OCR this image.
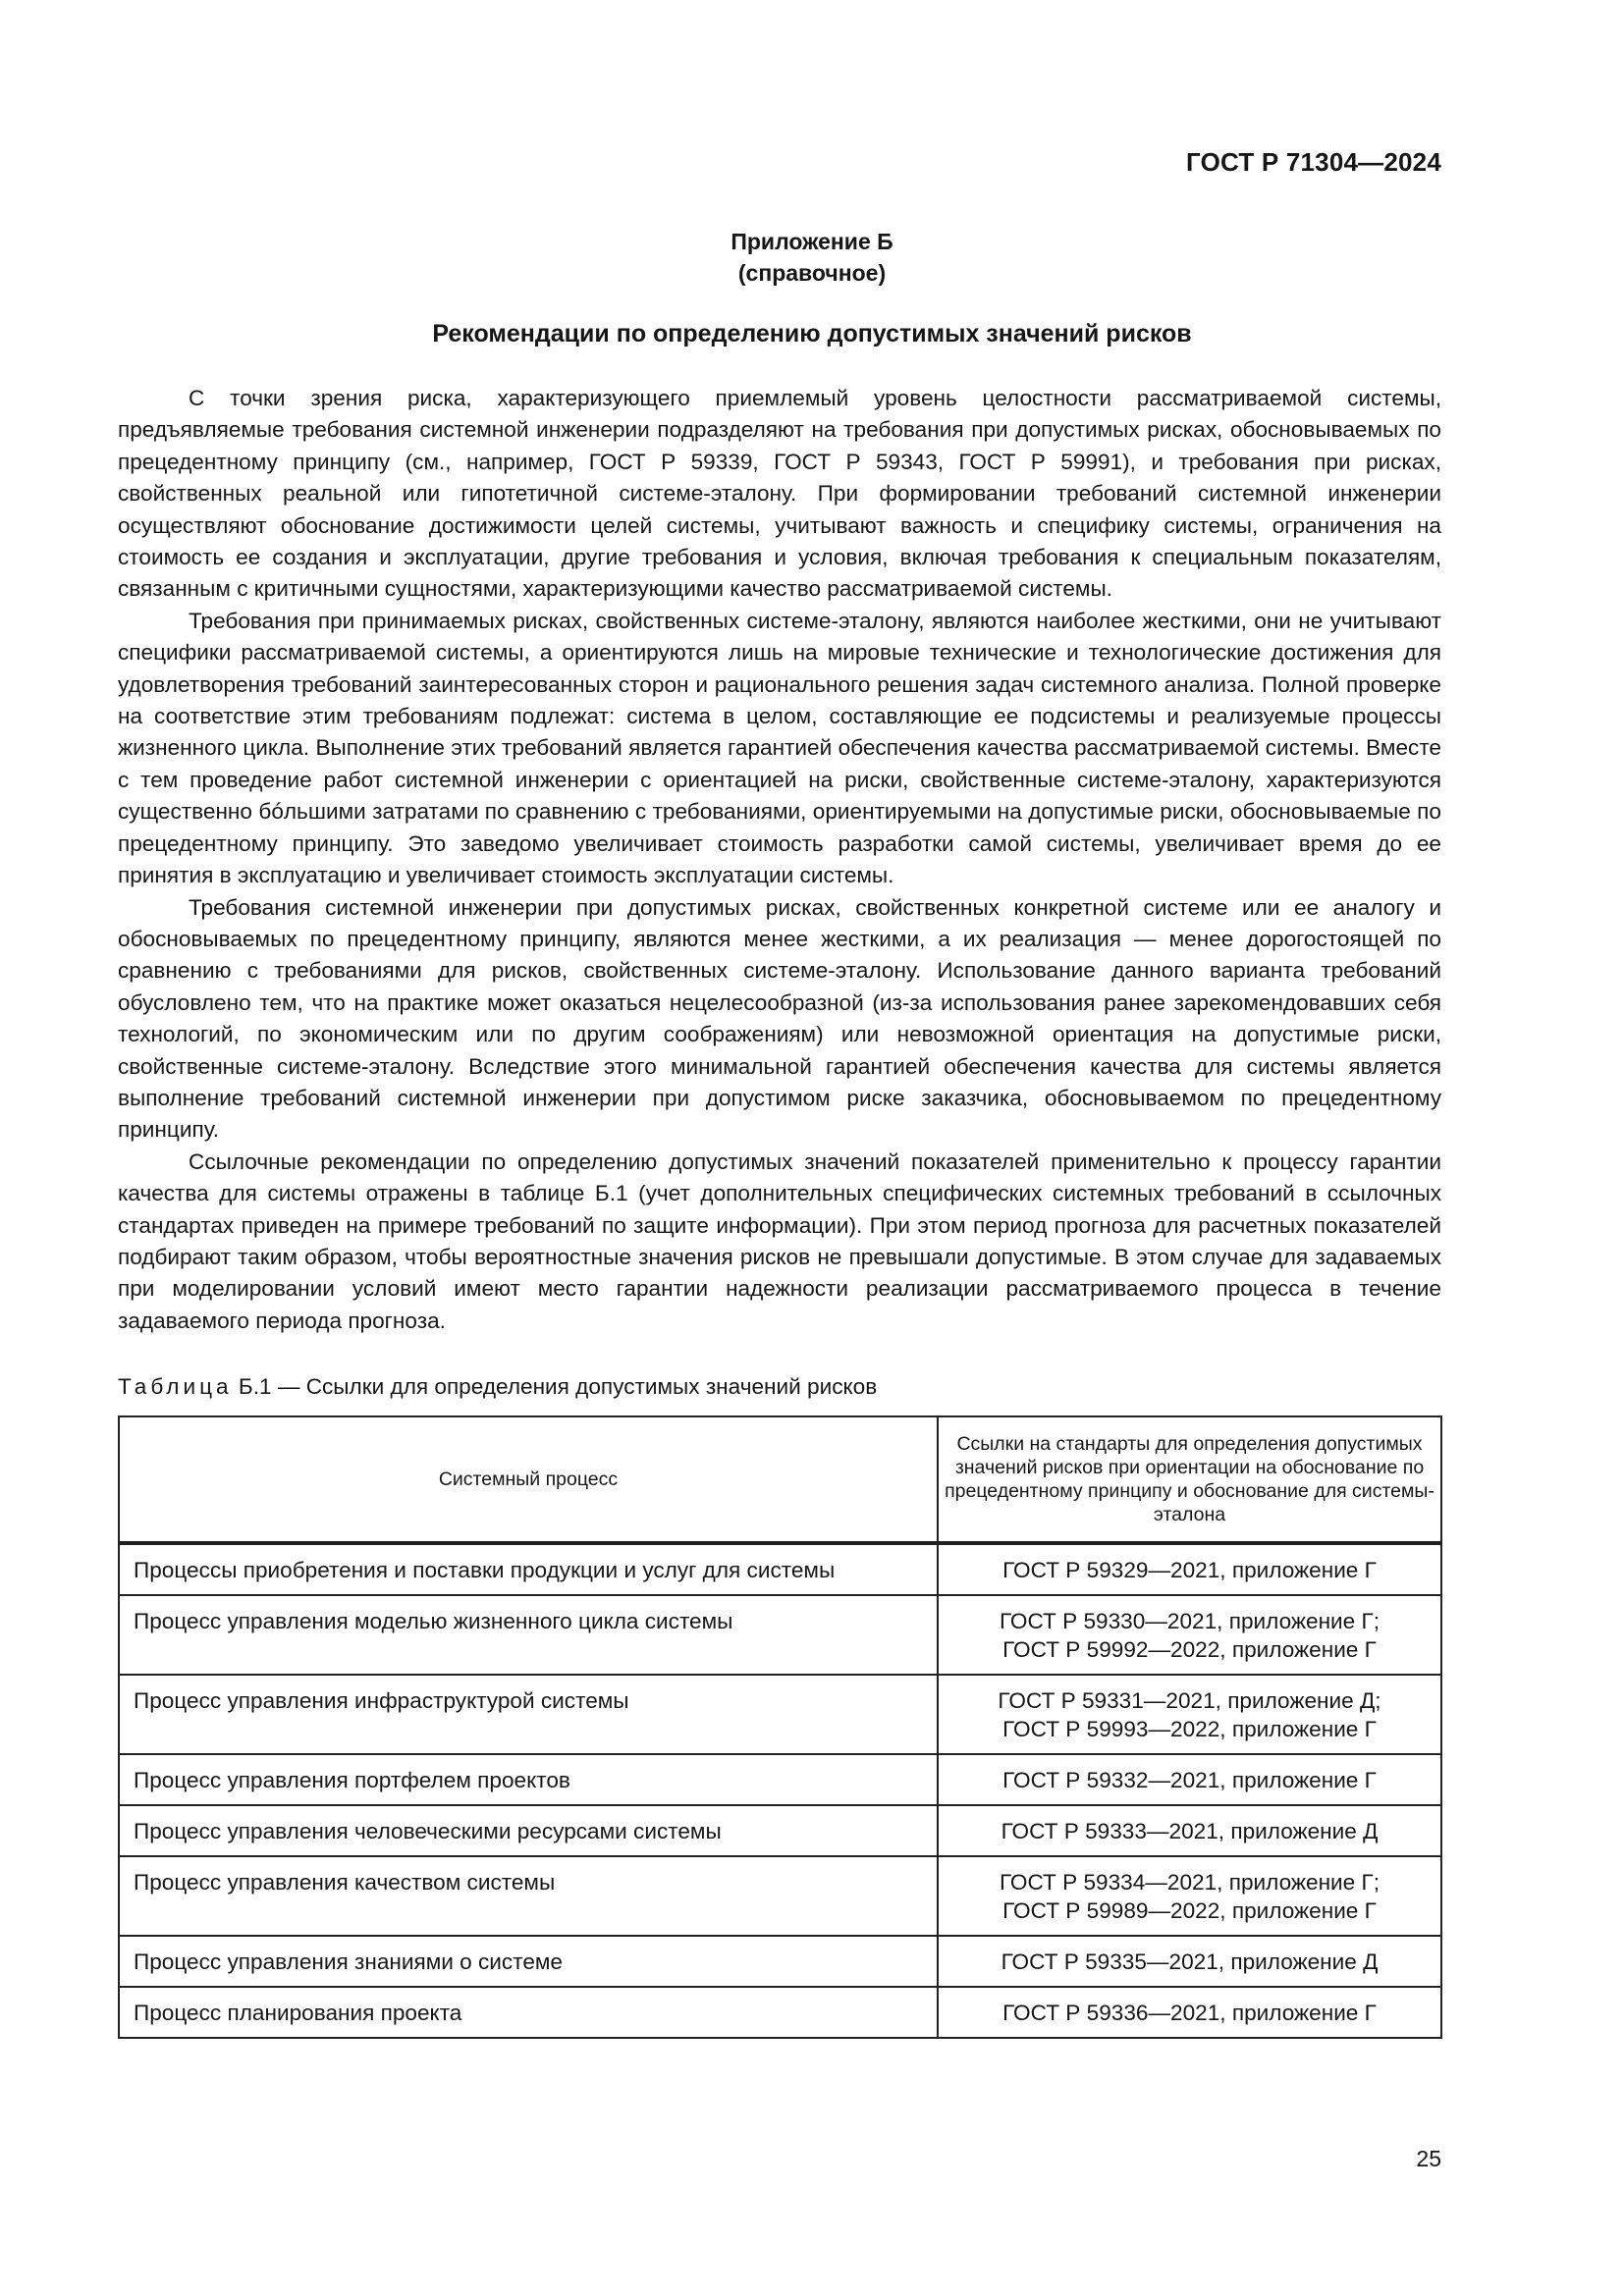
ГОСТ Р 71304—2024
Приложение Б
(справочное)
Рекомендации по определению допустимых значений рисков

С точки зрения риска, характеризующего приемлемый уровень целостности рассматриваемой системы, предъявляемые требования системной инженерии подразделяют на требования при допустимых рисках, обосновываемых по прецедентному принципу (см., например, ГОСТ Р 59339, ГОСТ Р 59343, ГОСТ Р 59991), и требования при рисках, свойственных реальной или гипотетичной системе-эталону. При формировании требований системной инженерии осуществляют обоснование достижимости целей системы, учитывают важность и специфику системы, ограничения на стоимость ее создания и эксплуатации, другие требования и условия, включая требования к специальным показателям, связанным с критичными сущностями, характеризующими качество рассматриваемой системы.

Требования при принимаемых рисках, свойственных системе-эталону, являются наиболее жесткими, они не учитывают специфики рассматриваемой системы, а ориентируются лишь на мировые технические и технологические достижения для удовлетворения требований заинтересованных сторон и рационального решения задач системного анализа. Полной проверке на соответствие этим требованиям подлежат: система в целом, составляющие ее подсистемы и реализуемые процессы жизненного цикла. Выполнение этих требований является гарантией обеспечения качества рассматриваемой системы. Вместе с тем проведение работ системной инженерии с ориентацией на риски, свойственные системе-эталону, характеризуются существенно бóльшими затратами по сравнению с требованиями, ориентируемыми на допустимые риски, обосновываемые по прецедентному принципу. Это заведомо увеличивает стоимость разработки самой системы, увеличивает время до ее принятия в эксплуатацию и увеличивает стоимость эксплуатации системы.

Требования системной инженерии при допустимых рисках, свойственных конкретной системе или ее аналогу и обосновываемых по прецедентному принципу, являются менее жесткими, а их реализация — менее дорогостоящей по сравнению с требованиями для рисков, свойственных системе-эталону. Использование данного варианта требований обусловлено тем, что на практике может оказаться нецелесообразной (из-за использования ранее зарекомендовавших себя технологий, по экономическим или по другим соображениям) или невозможной ориентация на допустимые риски, свойственные системе-эталону. Вследствие этого минимальной гарантией обеспечения качества для системы является выполнение требований системной инженерии при допустимом риске заказчика, обосновываемом по прецедентному принципу.

Ссылочные рекомендации по определению допустимых значений показателей применительно к процессу гарантии качества для системы отражены в таблице Б.1 (учет дополнительных специфических системных требований в ссылочных стандартах приведен на примере требований по защите информации). При этом период прогноза для расчетных показателей подбирают таким образом, чтобы вероятностные значения рисков не превышали допустимые. В этом случае для задаваемых при моделировании условий имеют место гарантии надежности реализации рассматриваемого процесса в течение задаваемого периода прогноза.

Таблица Б.1 — Ссылки для определения допустимых значений рисков
Системный процесс	Ссылки на стандарты для определения допустимых значений рисков при ориентации на обоснование по прецедентному принципу и обоснование для системы-эталона
Процессы приобретения и поставки продукции и услуг для системы	ГОСТ Р 59329—2021, приложение Г

Процесс управления моделью жизненного цикла системы	ГОСТ Р 59330—2021, приложение Г;
ГОСТ Р 59992—2022, приложение Г

Процесс управления инфраструктурой системы	ГОСТ Р 59331—2021, приложение Д;
ГОСТ Р 59993—2022, приложение Г

Процесс управления портфелем проектов	ГОСТ Р 59332—2021, приложение Г

Процесс управления человеческими ресурсами системы	ГОСТ Р 59333—2021, приложение Д

Процесс управления качеством системы	ГОСТ Р 59334—2021, приложение Г;
ГОСТ Р 59989—2022, приложение Г

Процесс управления знаниями о системе	ГОСТ Р 59335—2021, приложение Д

Процесс планирования проекта	ГОСТ Р 59336—2021, приложение Г
25
